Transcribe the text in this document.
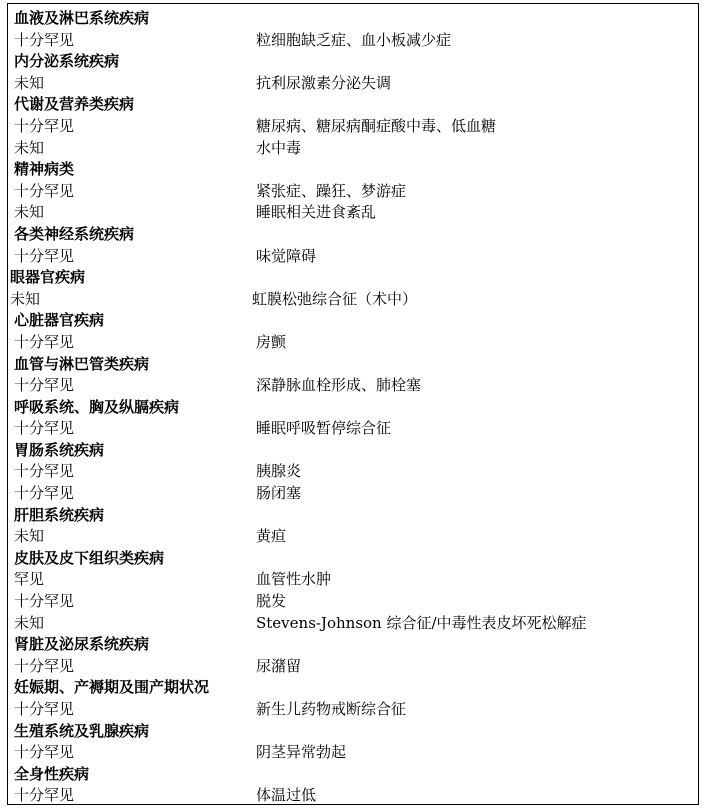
血液及淋巴系统疾病
十分罕见	粒细胞缺乏症、血小板减少症
内分泌系统疾病
未知	抗利尿激素分泌失调
代谢及营养类疾病
十分罕见	糖尿病、糖尿病酮症酸中毒、低血糖
未知	水中毒
精神病类
十分罕见	紧张症、躁狂、梦游症
未知	睡眠相关进食紊乱
各类神经系统疾病
十分罕见	味觉障碍
眼器官疾病
未知	虹膜松弛综合征（术中）
心脏器官疾病
十分罕见	房颤
血管与淋巴管类疾病
十分罕见	深静脉血栓形成、肺栓塞
呼吸系统、胸及纵膈疾病
十分罕见	睡眠呼吸暂停综合征
胃肠系统疾病
十分罕见	胰腺炎
十分罕见	肠闭塞
肝胆系统疾病
未知	黄疸
皮肤及皮下组织类疾病
罕见	血管性水肿
十分罕见	脱发
未知	Stevens-Johnson 综合征/中毒性表皮坏死松解症
肾脏及泌尿系统疾病
十分罕见	尿潴留
妊娠期、产褥期及围产期状况
十分罕见	新生儿药物戒断综合征
生殖系统及乳腺疾病
十分罕见	阴茎异常勃起
全身性疾病
十分罕见	体温过低
